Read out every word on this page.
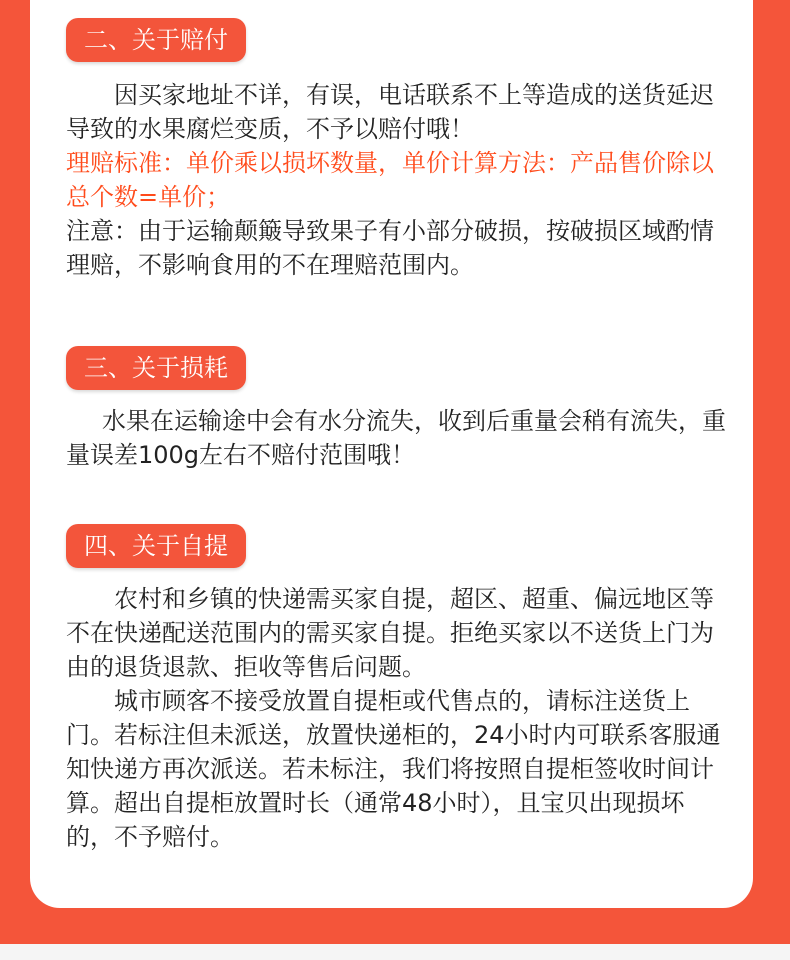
二、关于赔付

因买家地址不详，有误，电话联系不上等造成的送货延迟导致的水果腐烂变质，不予以赔付哦！

理赔标准：单价乘以损坏数量，单价计算方法：产品售价除以总个数=单价；

注意：由于运输颠簸导致果子有小部分破损，按破损区域酌情理赔，不影响食用的不在理赔范围内。

三、关于损耗

水果在运输途中会有水分流失，收到后重量会稍有流失，重量误差100g左右不赔付范围哦！

四、关于自提

农村和乡镇的快递需买家自提，超区、超重、偏远地区等不在快递配送范围内的需买家自提。拒绝买家以不送货上门为由的退货退款、拒收等售后问题。

城市顾客不接受放置自提柜或代售点的，请标注送货上门。若标注但未派送，放置快递柜的，24小时内可联系客服通知快递方再次派送。若未标注，我们将按照自提柜签收时间计算。超出自提柜放置时长（通常48小时），且宝贝出现损坏的，不予赔付。
